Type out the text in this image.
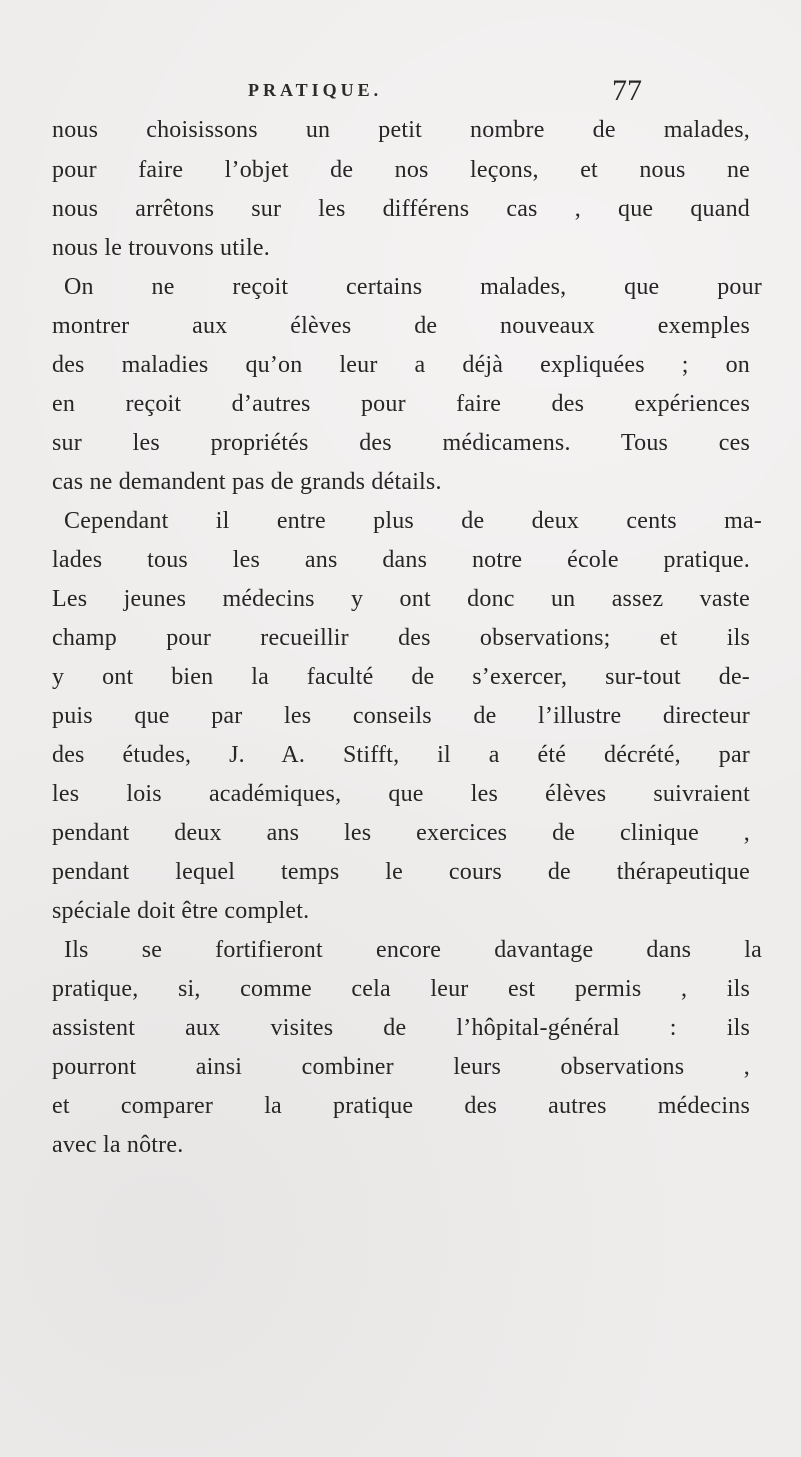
PRATIQUE.	77
nous choisissons un petit nombre de malades,
pour faire l’objet de nos leçons, et nous ne
nous arrêtons sur les différens cas , que quand
nous le trouvons utile.
On ne reçoit certains malades, que pour
montrer aux élèves de nouveaux exemples
des maladies qu’on leur a déjà expliquées ; on
en reçoit d’autres pour faire des expériences
sur les propriétés des médicamens. Tous ces
cas ne demandent pas de grands détails.
Cependant il entre plus de deux cents ma-
lades tous les ans dans notre école pratique.
Les jeunes médecins y ont donc un assez vaste
champ pour recueillir des observations; et ils
y ont bien la faculté de s’exercer, sur-tout de-
puis que par les conseils de l’illustre directeur
des études, J. A. Stifft, il a été décrété, par
les lois académiques, que les élèves suivraient
pendant deux ans les exercices de clinique ,
pendant lequel temps le cours de thérapeutique
spéciale doit être complet.
Ils se fortifieront encore davantage dans la
pratique, si, comme cela leur est permis , ils
assistent aux visites de l’hôpital-général : ils
pourront ainsi combiner leurs observations ,
et comparer la pratique des autres médecins
avec la nôtre.
